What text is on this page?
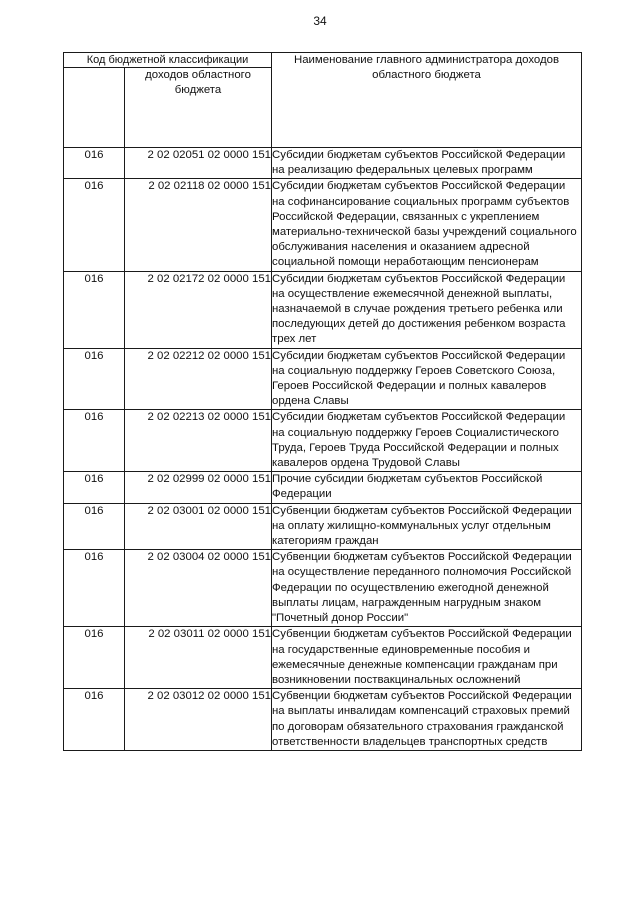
34
Код бюджетной классификации		Наименование главного администратора доходов областного бюджета
	доходов областного бюджета	
016	2 02 02051 02 0000 151	Субсидии бюджетам субъектов Российской Федерации на реализацию федеральных целевых программ
016	2 02 02118 02 0000 151	Субсидии бюджетам субъектов Российской Федерации на софинансирование социальных программ субъектов Российской Федерации, связанных с укреплением материально-технической базы учреждений социального обслуживания населения и оказанием адресной социальной помощи неработающим пенсионерам
016	2 02 02172 02 0000 151	Субсидии бюджетам субъектов Российской Федерации на осуществление ежемесячной денежной выплаты, назначаемой в случае рождения третьего ребенка или последующих детей до достижения ребенком возраста трех лет
016	2 02 02212 02 0000 151	Субсидии бюджетам субъектов Российской Федерации на социальную поддержку Героев Советского Союза, Героев Российской Федерации и полных кавалеров ордена Славы
016	2 02 02213 02 0000 151	Субсидии бюджетам субъектов Российской Федерации на социальную поддержку Героев Социалистического Труда, Героев Труда Российской Федерации и полных кавалеров ордена Трудовой Славы
016	2 02 02999 02 0000 151	Прочие субсидии бюджетам субъектов Российской Федерации
016	2 02 03001 02 0000 151	Субвенции бюджетам субъектов Российской Федерации на оплату жилищно-коммунальных услуг отдельным категориям граждан
016	2 02 03004 02 0000 151	Субвенции бюджетам субъектов Российской Федерации на осуществление переданного полномочия Российской Федерации по осуществлению ежегодной денежной выплаты лицам, награжденным нагрудным знаком "Почетный донор России"
016	2 02 03011 02 0000 151	Субвенции бюджетам субъектов Российской Федерации на государственные единовременные пособия и ежемесячные денежные компенсации гражданам при возникновении поствакцинальных осложнений
016	2 02 03012 02 0000 151	Субвенции бюджетам субъектов Российской Федерации на выплаты инвалидам компенсаций страховых премий по договорам обязательного страхования гражданской ответственности владельцев транспортных средств
